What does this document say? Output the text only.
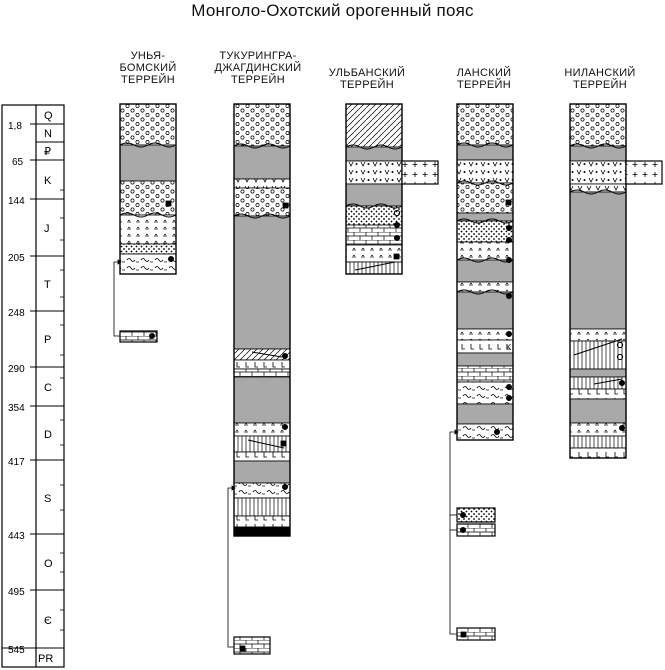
Монголо-Охотский орогенный пояс
УНЬЯ-
БОМСКИЙ
ТЕРРЕЙН
ТУКУРИНГРА-
ДЖАГДИНСКИЙ
ТЕРРЕЙН
УЛЬБАНСКИЙ
ТЕРРЕЙН
ЛАНСКИЙ
ТЕРРЕЙН
НИЛАНСКИЙ
ТЕРРЕЙН
1,8
65
144
205
248
290
354
417
443
495
545
Q
N
₽
K
J
T
P
C
D
S
O
Є
PR
K
